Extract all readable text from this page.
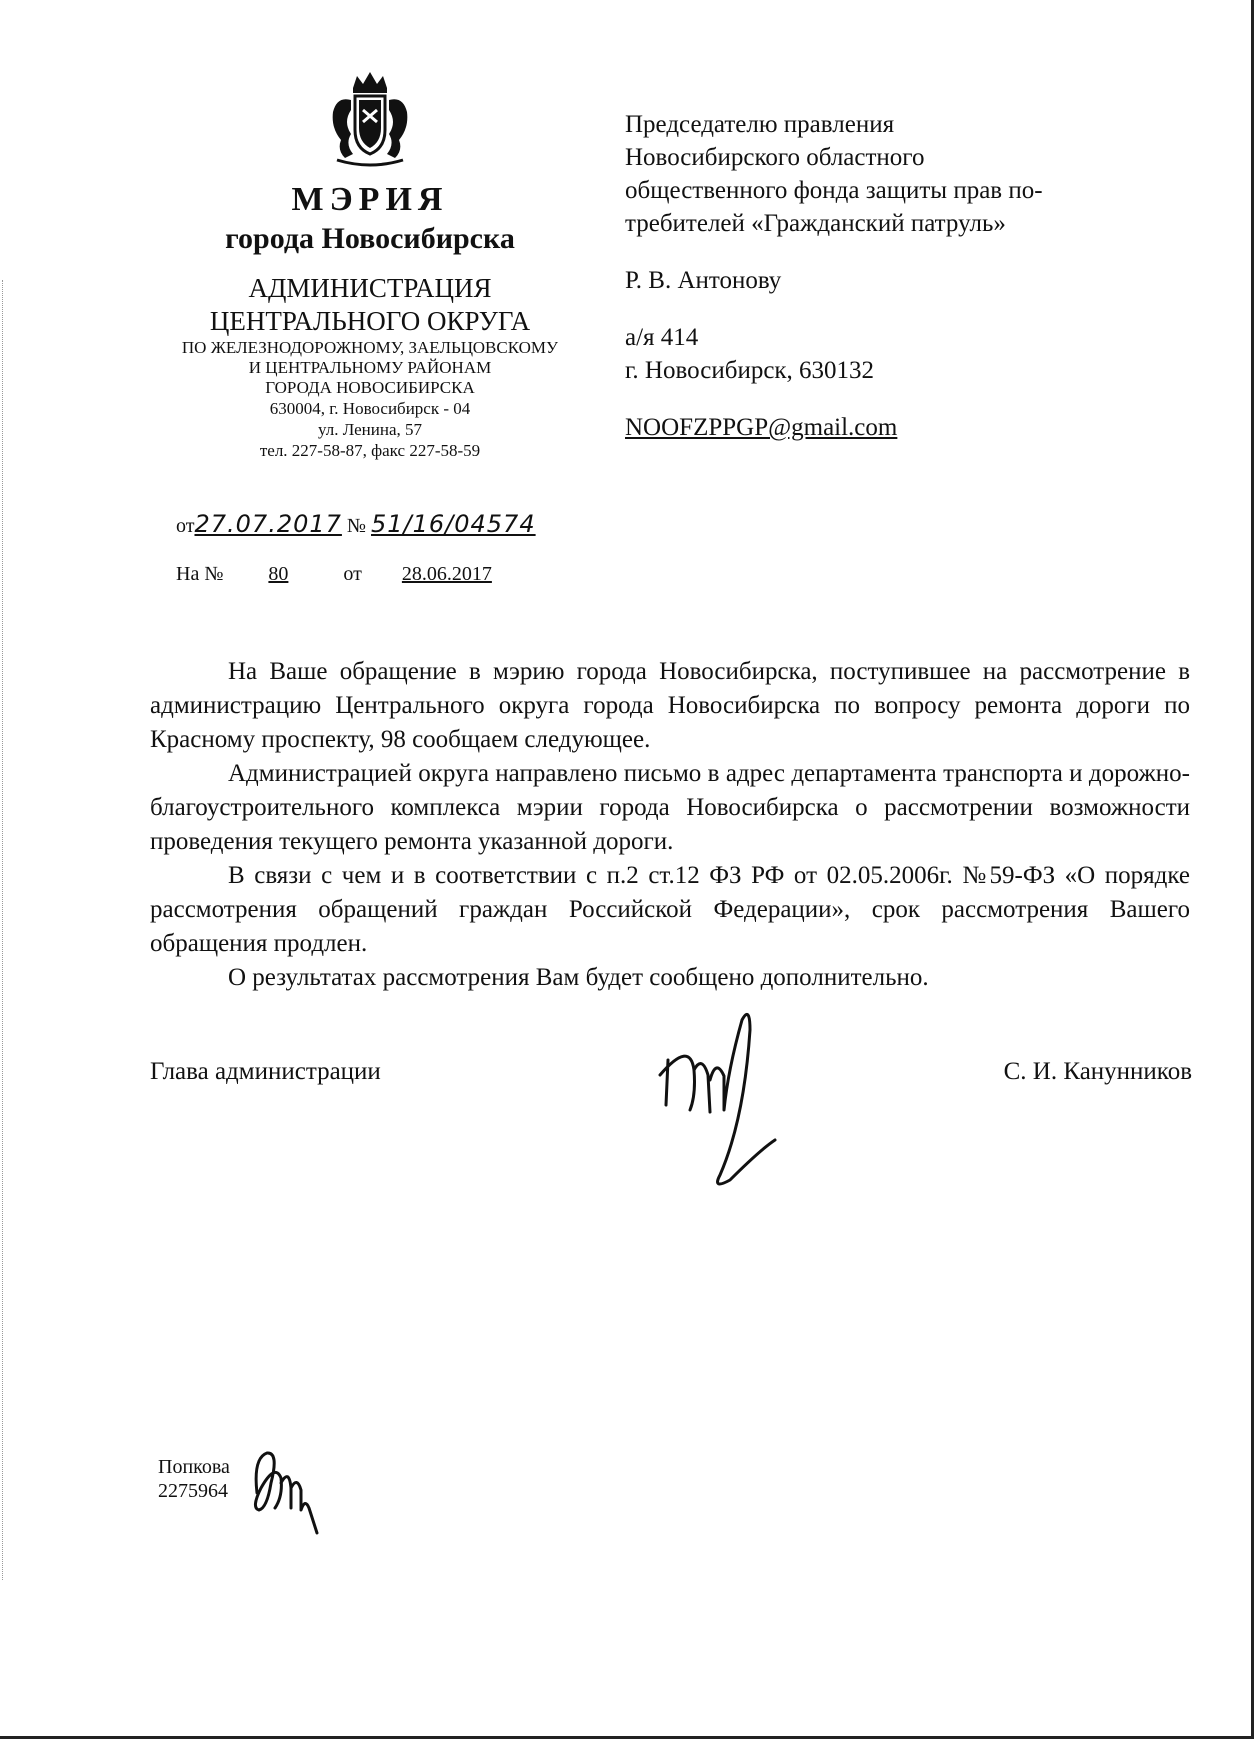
МЭРИЯ
города Новосибирска
АДМИНИСТРАЦИЯ
ЦЕНТРАЛЬНОГО ОКРУГА
ПО ЖЕЛЕЗНОДОРОЖНОМУ, ЗАЕЛЬЦОВСКОМУ
И ЦЕНТРАЛЬНОМУ РАЙОНАМ
ГОРОДА НОВОСИБИРСКА
630004, г. Новосибирск - 04
ул. Ленина, 57
тел. 227-58-87, факс 227-58-59
от27.07.2017 № 51/16/04574
На № 80	от 28.06.2017

Председателю правления

Новосибирского областного

общественного фонда защиты прав по-

требителей «Гражданский патруль»

Р. В. Антонову

а/я 414

г. Новосибирск, 630132

NOOFZPPGP@gmail.com

На Ваше обращение в мэрию города Новосибирска, поступившее на рассмотрение в администрацию Центрального округа города Новосибирска по вопросу ремонта дороги по Красному проспекту, 98 сообщаем следующее.

Администрацией округа направлено письмо в адрес департамента транспорта и дорожно-благоустроительного комплекса мэрии города Новосибирска о рассмотрении возможности проведения текущего ремонта указанной дороги.

В связи с чем и в соответствии с п.2 ст.12 ФЗ РФ от 02.05.2006г. №59-ФЗ «О порядке рассмотрения обращений граждан Российской Федерации», срок рассмотрения Вашего обращения продлен.

О результатах рассмотрения Вам будет сообщено дополнительно.

Глава администрации	С. И. Канунников

Попкова

2275964
